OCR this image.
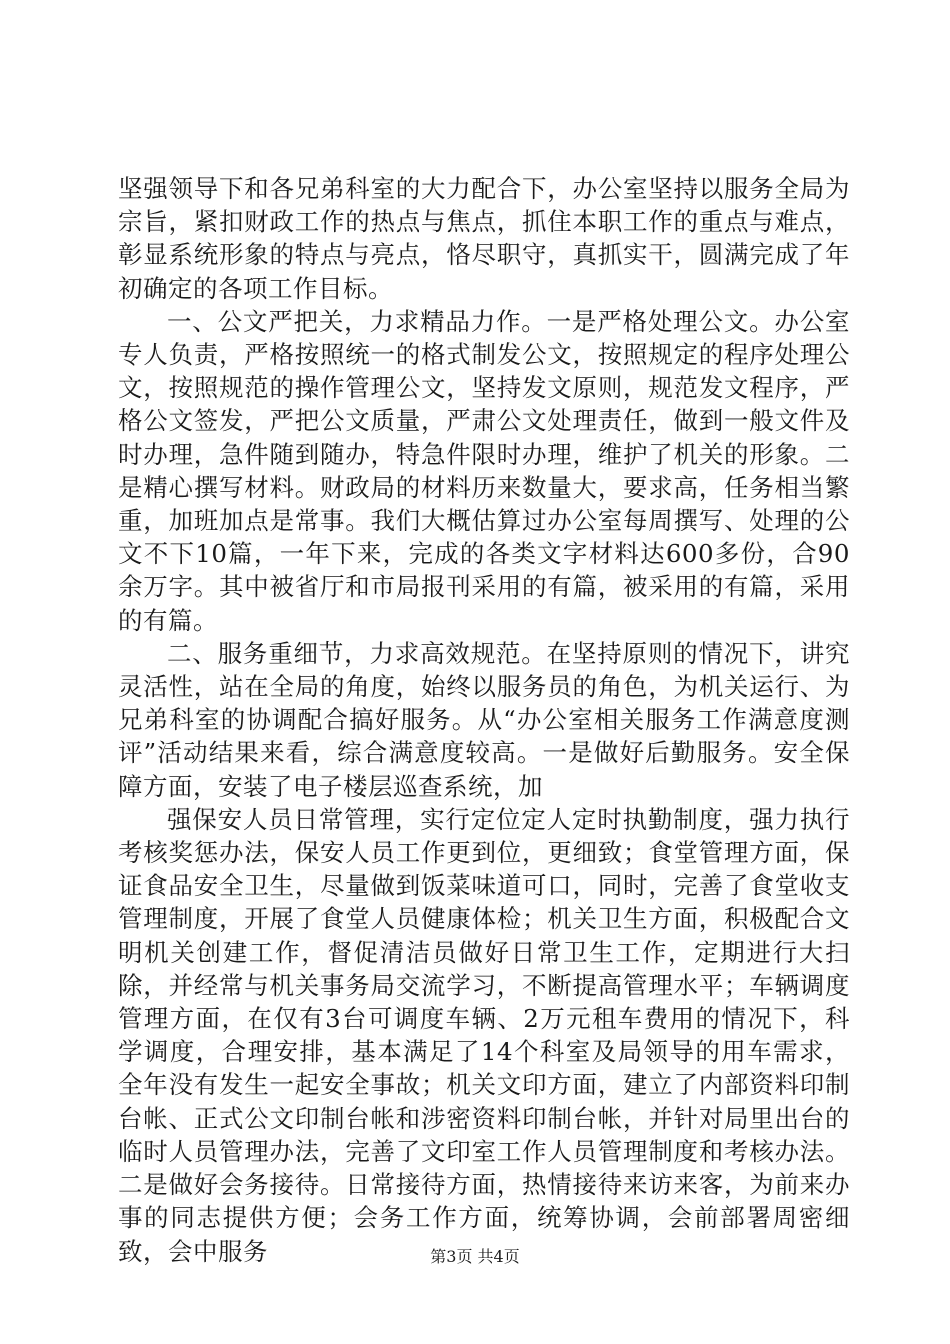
坚强领导下和各兄弟科室的大力配合下，办公室坚持以服务全局为宗旨，紧扣财政工作的热点与焦点，抓住本职工作的重点与难点，彰显系统形象的特点与亮点，恪尽职守，真抓实干，圆满完成了年初确定的各项工作目标。

一、公文严把关，力求精品力作。一是严格处理公文。办公室专人负责，严格按照统一的格式制发公文，按照规定的程序处理公文，按照规范的操作管理公文，坚持发文原则，规范发文程序，严格公文签发，严把公文质量，严肃公文处理责任，做到一般文件及时办理，急件随到随办，特急件限时办理，维护了机关的形象。二是精心撰写材料。财政局的材料历来数量大，要求高，任务相当繁重，加班加点是常事。我们大概估算过办公室每周撰写、处理的公文不下10篇，一年下来，完成的各类文字材料达600多份，合90余万字。其中被省厅和市局报刊采用的有篇，被采用的有篇，采用的有篇。

二、服务重细节，力求高效规范。在坚持原则的情况下，讲究灵活性，站在全局的角度，始终以服务员的角色，为机关运行、为兄弟科室的协调配合搞好服务。从“办公室相关服务工作满意度测评”活动结果来看，综合满意度较高。一是做好后勤服务。安全保障方面，安装了电子楼层巡查系统，加

强保安人员日常管理，实行定位定人定时执勤制度，强力执行考核奖惩办法，保安人员工作更到位，更细致；食堂管理方面，保证食品安全卫生，尽量做到饭菜味道可口，同时，完善了食堂收支管理制度，开展了食堂人员健康体检；机关卫生方面，积极配合文明机关创建工作，督促清洁员做好日常卫生工作，定期进行大扫除，并经常与机关事务局交流学习，不断提高管理水平；车辆调度管理方面，在仅有3台可调度车辆、2万元租车费用的情况下，科学调度，合理安排，基本满足了14个科室及局领导的用车需求，全年没有发生一起安全事故；机关文印方面，建立了内部资料印制台帐、正式公文印制台帐和涉密资料印制台帐，并针对局里出台的临时人员管理办法，完善了文印室工作人员管理制度和考核办法。二是做好会务接待。日常接待方面，热情接待来访来客，为前来办事的同志提供方便；会务工作方面，统筹协调，会前部署周密细致，会中服务	第3页 共4页
